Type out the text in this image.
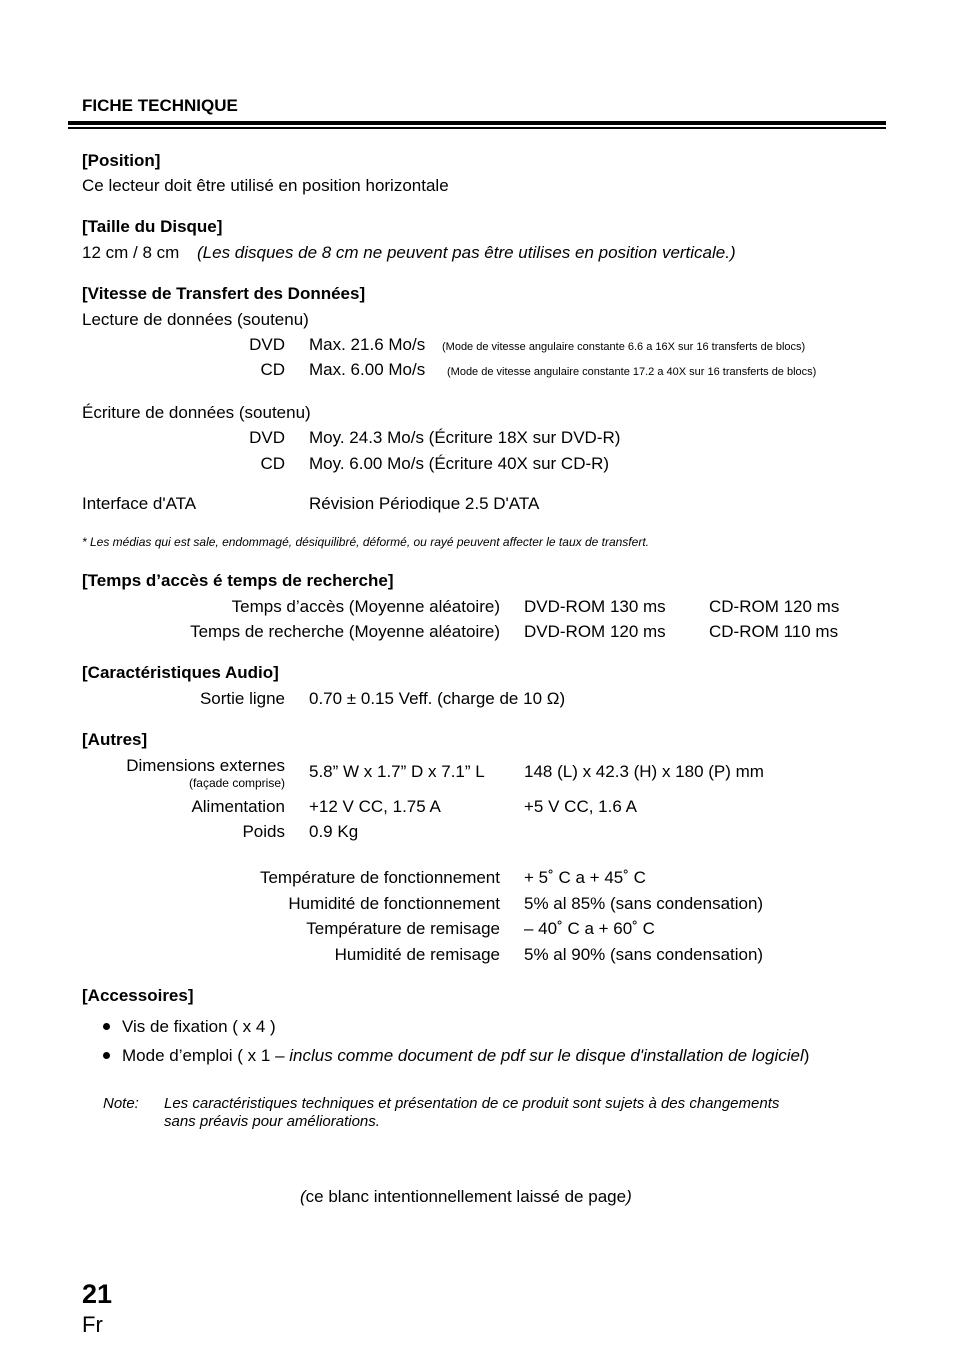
FICHE TECHNIQUE
[Position]
Ce lecteur doit être utilisé en position horizontale
[Taille du Disque]
12 cm / 8 cm (Les disques de 8 cm ne peuvent pas être utilises en position verticale.)
[Vitesse de Transfert des Données]
Lecture de données (soutenu)
DVD Max. 21.6 Mo/s (Mode de vitesse angulaire constante 6.6 a 16X sur 16 transferts de blocs)
CD Max. 6.00 Mo/s (Mode de vitesse angulaire constante 17.2 a 40X sur 16 transferts de blocs)
Écriture de données (soutenu)
DVD Moy. 24.3 Mo/s (Écriture 18X sur DVD-R)
CD Moy. 6.00 Mo/s (Écriture 40X sur CD-R)
Interface d'ATA	Révision Périodique 2.5 D'ATA
* Les médias qui est sale, endommagé, désiquilibré, déformé, ou rayé peuvent affecter le taux de transfert.
[Temps d’accès é temps de recherche]
Temps d’accès (Moyenne aléatoire) DVD-ROM 130 ms	CD-ROM 120 ms
Temps de recherche (Moyenne aléatoire) DVD-ROM 120 ms	CD-ROM 110 ms
[Caractéristiques Audio]
Sortie ligne 0.70 ± 0.15 Veff. (charge de 10 Ω)
[Autres]
Dimensions externes
(façade comprise)
5.8” W x 1.7” D x 7.1” L 148 (L) x 42.3 (H) x 180 (P) mm
Alimentation +12 V CC, 1.75 A	+5 V CC, 1.6 A
Poids 0.9 Kg
Température de fonctionnement + 5˚ C a + 45˚ C
Humidité de fonctionnement 5% al 85% (sans condensation)
Température de remisage – 40˚ C a + 60˚ C
Humidité de remisage 5% al 90% (sans condensation)
[Accessoires]
Vis de fixation ( x 4 )
Mode d’emploi ( x 1 – inclus comme document de pdf sur le disque d'installation de logiciel)
Note: Les caractéristiques techniques et présentation de ce produit sont sujets à des changements
sans préavis pour améliorations.
(ce blanc intentionnellement laissé de page)
21
Fr
